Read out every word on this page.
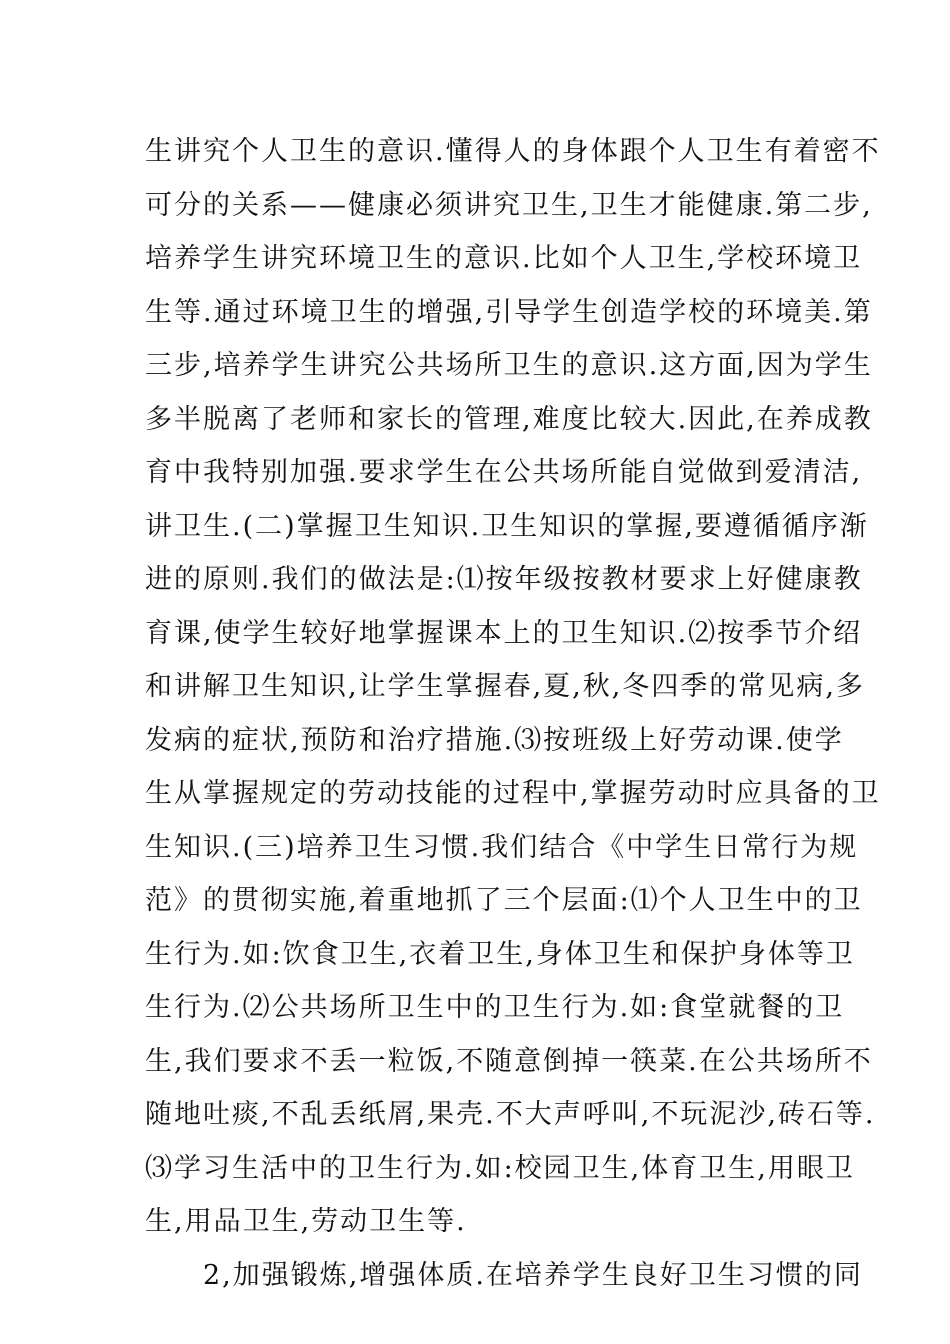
生讲究个人卫生的意识.懂得人的身体跟个人卫生有着密不
可分的关系——健康必须讲究卫生,卫生才能健康.第二步,
培养学生讲究环境卫生的意识.比如个人卫生,学校环境卫
生等.通过环境卫生的增强,引导学生创造学校的环境美.第
三步,培养学生讲究公共场所卫生的意识.这方面,因为学生
多半脱离了老师和家长的管理,难度比较大.因此,在养成教
育中我特别加强.要求学生在公共场所能自觉做到爱清洁,
讲卫生.(二)掌握卫生知识.卫生知识的掌握,要遵循循序渐
进的原则.我们的做法是:⑴按年级按教材要求上好健康教
育课,使学生较好地掌握课本上的卫生知识.⑵按季节介绍
和讲解卫生知识,让学生掌握春,夏,秋,冬四季的常见病,多
发病的症状,预防和治疗措施.⑶按班级上好劳动课.使学
生从掌握规定的劳动技能的过程中,掌握劳动时应具备的卫
生知识.(三)培养卫生习惯.我们结合《中学生日常行为规
范》的贯彻实施,着重地抓了三个层面:⑴个人卫生中的卫
生行为.如:饮食卫生,衣着卫生,身体卫生和保护身体等卫
生行为.⑵公共场所卫生中的卫生行为.如:食堂就餐的卫
生,我们要求不丢一粒饭,不随意倒掉一筷菜.在公共场所不
随地吐痰,不乱丢纸屑,果壳.不大声呼叫,不玩泥沙,砖石等.
⑶学习生活中的卫生行为.如:校园卫生,体育卫生,用眼卫
生,用品卫生,劳动卫生等.
2,加强锻炼,增强体质.在培养学生良好卫生习惯的同
